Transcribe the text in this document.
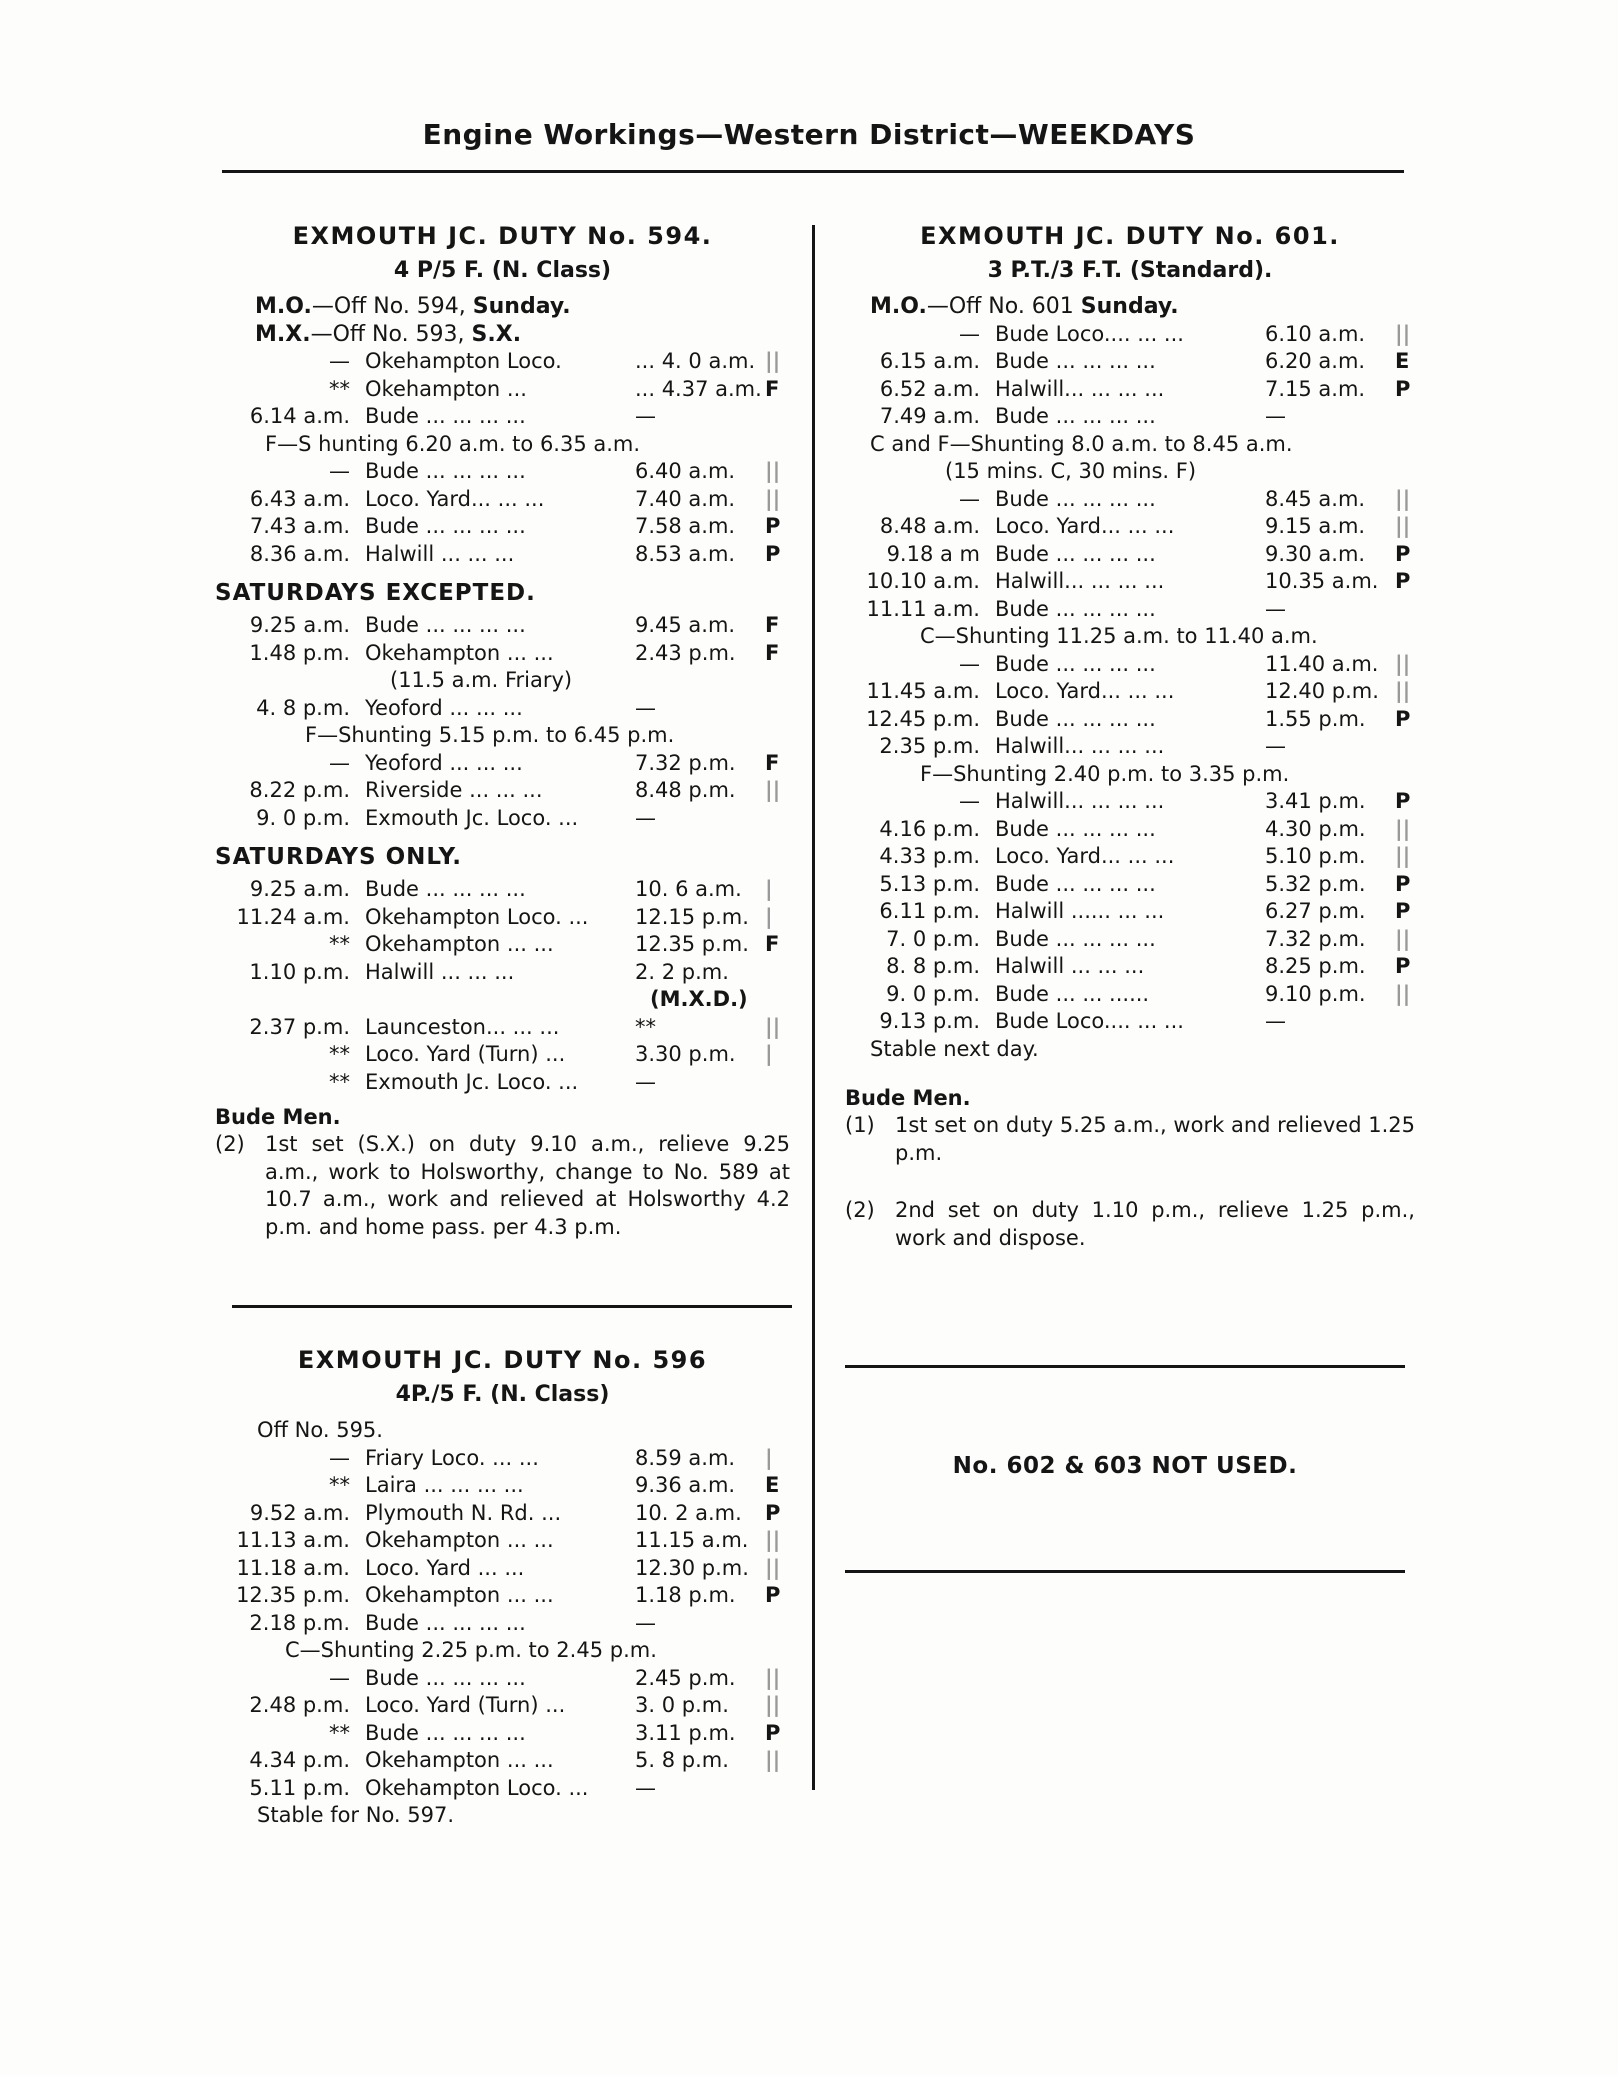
Engine Workings—Western District—WEEKDAYS
EXMOUTH JC. DUTY No. 594.
4 P/5 F. (N. Class)
M.O.—Off No. 594, Sunday.
M.X.—Off No. 593, S.X.
— Okehampton Loco.	... 4. 0 a.m. ||
** Okehampton ...	... 4.37 a.m. F
6.14 a.m. Bude ... ... ... ...	—
F—S hunting 6.20 a.m. to 6.35 a.m.
— Bude ... ... ... ...	6.40 a.m.	||
6.43 a.m. Loco. Yard... ... ...	7.40 a.m.	||
7.43 a.m. Bude ... ... ... ...	7.58 a.m.	P
8.36 a.m. Halwill ... ... ...	8.53 a.m.	P
SATURDAYS EXCEPTED.
9.25 a.m. Bude ... ... ... ...	9.45 a.m.	F
1.48 p.m. Okehampton ... ...	2.43 p.m.	F
(11.5 a.m. Friary)
4. 8 p.m. Yeoford ... ... ...	—
F—Shunting 5.15 p.m. to 6.45 p.m.
— Yeoford ... ... ...	7.32 p.m.	F
8.22 p.m. Riverside ... ... ...	8.48 p.m.	||
9. 0 p.m. Exmouth Jc. Loco. ...	—
SATURDAYS ONLY.
9.25 a.m. Bude ... ... ... ...	10. 6 a.m.	|
11.24 a.m. Okehampton Loco. ...	12.15 p.m. |
** Okehampton ... ...	12.35 p.m. F
1.10 p.m. Halwill ... ... ...	2. 2 p.m.
(M.X.D.)
2.37 p.m. Launceston... ... ...	**	||
** Loco. Yard (Turn) ...	3.30 p.m.	|
** Exmouth Jc. Loco. ...	—
Bude Men.
(2) 1st set (S.X.) on duty 9.10 a.m., relieve 9.25 a.m., work to Holsworthy, change to No. 589 at 10.7 a.m., work and relieved at Holsworthy 4.2 p.m. and home pass. per 4.3 p.m.
EXMOUTH JC. DUTY No. 596
4P./5 F. (N. Class)
Off No. 595.
— Friary Loco. ... ...	8.59 a.m.	|
** Laira ... ... ... ...	9.36 a.m.	E
9.52 a.m. Plymouth N. Rd. ...	10. 2 a.m.	P
11.13 a.m. Okehampton ... ...	11.15 a.m. ||
11.18 a.m. Loco. Yard ... ...	12.30 p.m. ||
12.35 p.m. Okehampton ... ...	1.18 p.m.	P
2.18 p.m. Bude ... ... ... ...	—
C—Shunting 2.25 p.m. to 2.45 p.m.
— Bude ... ... ... ...	2.45 p.m.	||
2.48 p.m. Loco. Yard (Turn) ...	3. 0 p.m.	||
** Bude ... ... ... ...	3.11 p.m.	P
4.34 p.m. Okehampton ... ...	5. 8 p.m.	||
5.11 p.m. Okehampton Loco. ...	—
Stable for No. 597.
EXMOUTH JC. DUTY No. 601.
3 P.T./3 F.T. (Standard).
M.O.—Off No. 601 Sunday.
— Bude Loco.... ... ...	6.10 a.m.	||
6.15 a.m. Bude ... ... ... ...	6.20 a.m.	E
6.52 a.m. Halwill... ... ... ...	7.15 a.m.	P
7.49 a.m. Bude ... ... ... ...	—
C and F—Shunting 8.0 a.m. to 8.45 a.m.
(15 mins. C, 30 mins. F)
— Bude ... ... ... ...	8.45 a.m.	||
8.48 a.m. Loco. Yard... ... ...	9.15 a.m.	||
9.18 a m Bude ... ... ... ...	9.30 a.m.	P
10.10 a.m. Halwill... ... ... ...	10.35 a.m. P
11.11 a.m. Bude ... ... ... ...	—
C—Shunting 11.25 a.m. to 11.40 a.m.
— Bude ... ... ... ...	11.40 a.m. ||
11.45 a.m. Loco. Yard... ... ...	12.40 p.m. ||
12.45 p.m. Bude ... ... ... ...	1.55 p.m.	P
2.35 p.m. Halwill... ... ... ...	—
F—Shunting 2.40 p.m. to 3.35 p.m.
— Halwill... ... ... ...	3.41 p.m.	P
4.16 p.m. Bude ... ... ... ...	4.30 p.m.	||
4.33 p.m. Loco. Yard... ... ...	5.10 p.m.	||
5.13 p.m. Bude ... ... ... ...	5.32 p.m.	P
6.11 p.m. Halwill ...... ... ...	6.27 p.m.	P
7. 0 p.m. Bude ... ... ... ...	7.32 p.m.	||
8. 8 p.m. Halwill ... ... ...	8.25 p.m.	P
9. 0 p.m. Bude ... ... ......	9.10 p.m.	||
9.13 p.m. Bude Loco.... ... ...	—
Stable next day.
Bude Men.
(1) 1st set on duty 5.25 a.m., work and relieved 1.25 p.m.
(2) 2nd set on duty 1.10 p.m., relieve 1.25 p.m., work and dispose.
No. 602 & 603 NOT USED.
